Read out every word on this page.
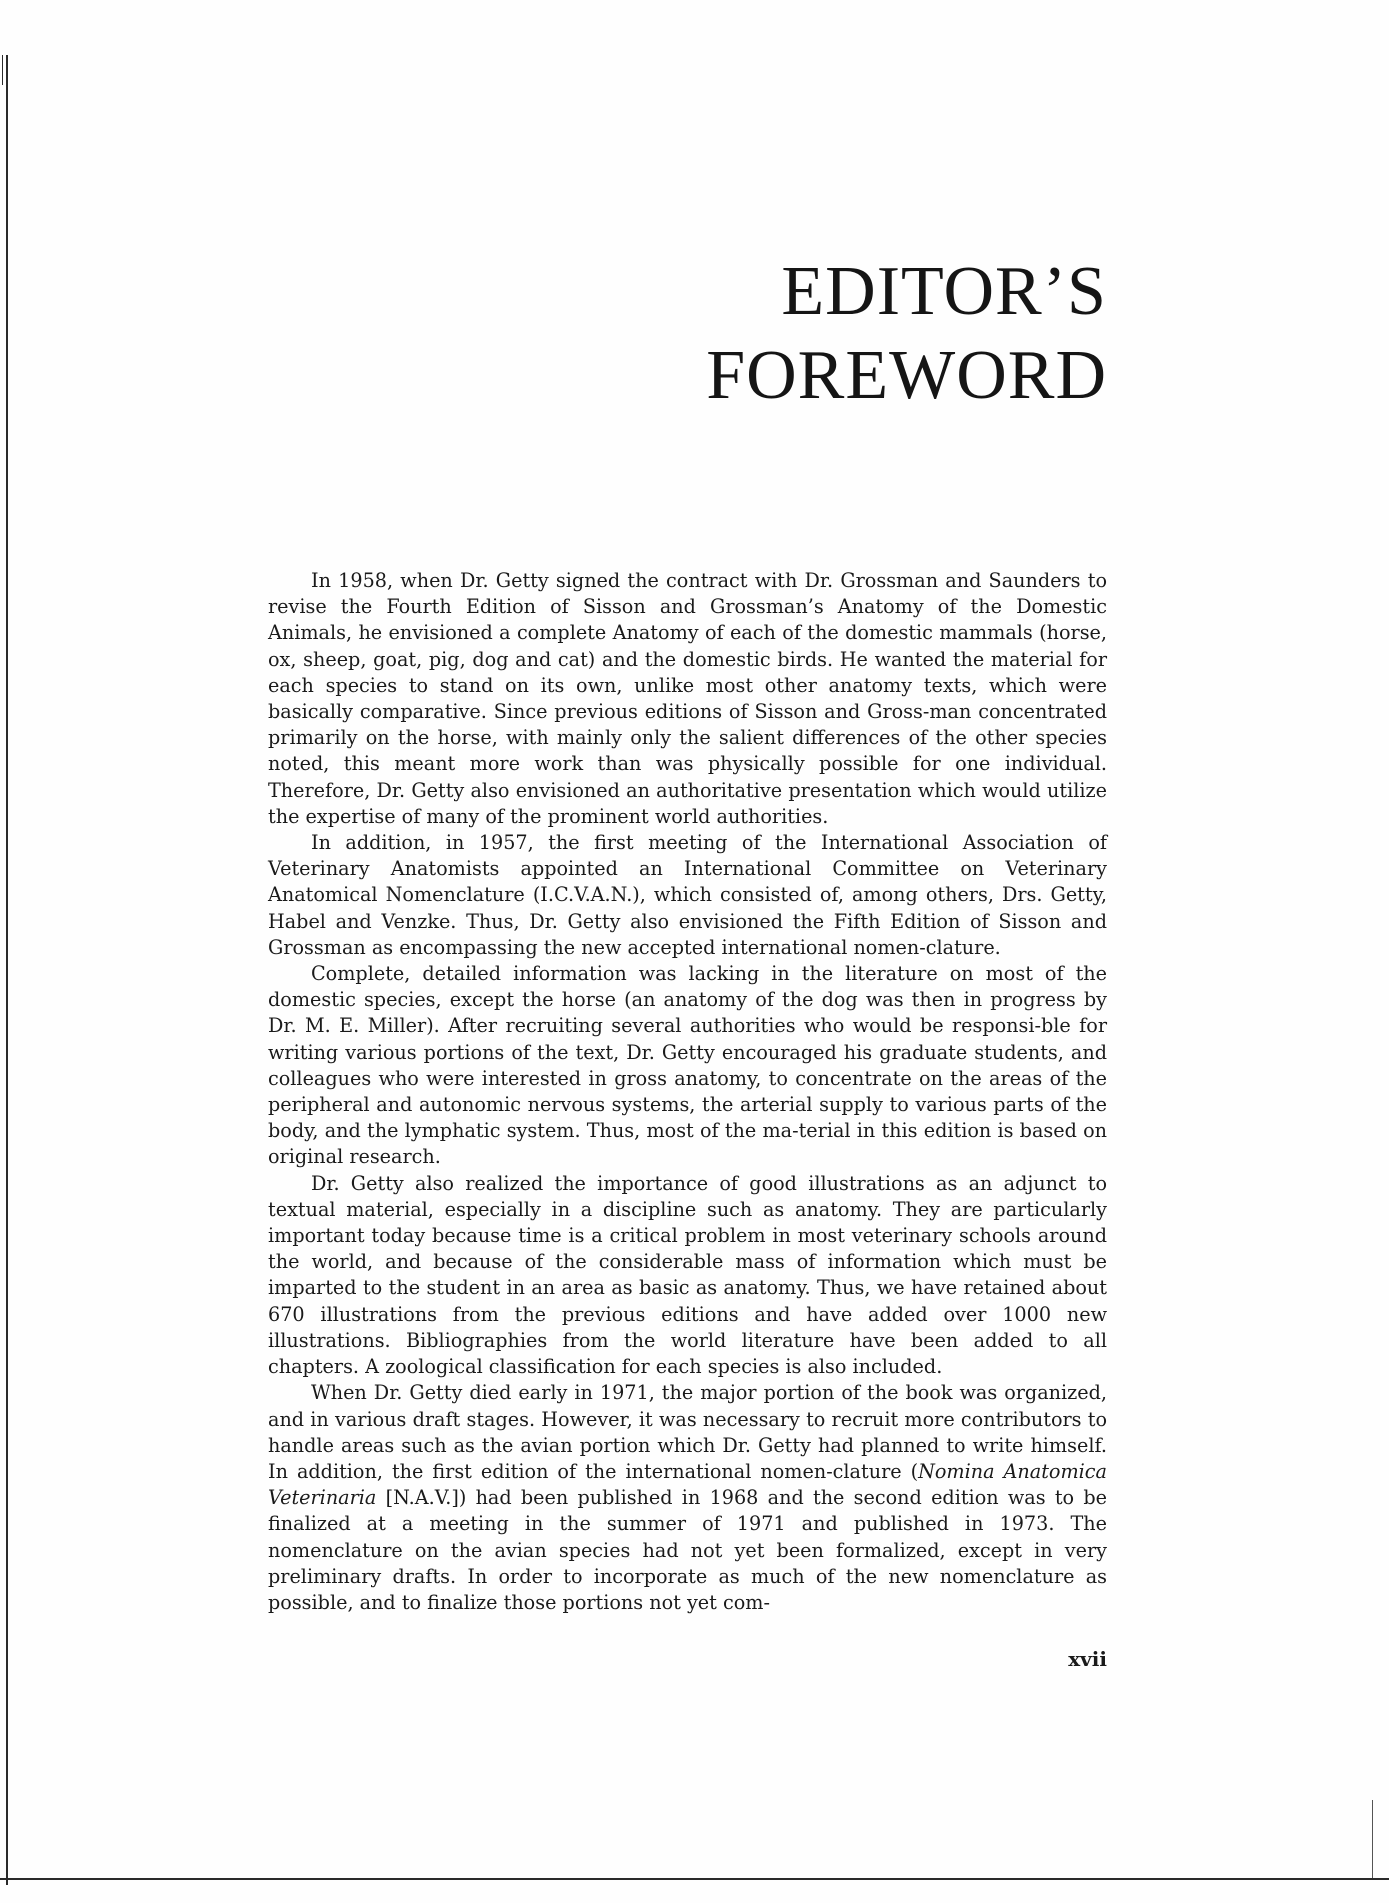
EDITOR’S
FOREWORD

In 1958, when Dr. Getty signed the contract with Dr. Grossman and Saunders to revise the Fourth Edition of Sisson and Grossman’s Anatomy of the Domestic Animals, he envisioned a complete Anatomy of each of the domestic mammals (horse, ox, sheep, goat, pig, dog and cat) and the domestic birds. He wanted the material for each species to stand on its own, unlike most other anatomy texts, which were basically comparative. Since previous editions of Sisson and Gross-man concentrated primarily on the horse, with mainly only the salient differences of the other species noted, this meant more work than was physically possible for one individual. Therefore, Dr. Getty also envisioned an authoritative presentation which would utilize the expertise of many of the prominent world authorities.

In addition, in 1957, the first meeting of the International Association of Veterinary Anatomists appointed an International Committee on Veterinary Anatomical Nomenclature (I.C.V.A.N.), which consisted of, among others, Drs. Getty, Habel and Venzke. Thus, Dr. Getty also envisioned the Fifth Edition of Sisson and Grossman as encompassing the new accepted international nomen-clature.

Complete, detailed information was lacking in the literature on most of the domestic species, except the horse (an anatomy of the dog was then in progress by Dr. M. E. Miller). After recruiting several authorities who would be responsi-ble for writing various portions of the text, Dr. Getty encouraged his graduate students, and colleagues who were interested in gross anatomy, to concentrate on the areas of the peripheral and autonomic nervous systems, the arterial supply to various parts of the body, and the lymphatic system. Thus, most of the ma-terial in this edition is based on original research.

Dr. Getty also realized the importance of good illustrations as an adjunct to textual material, especially in a discipline such as anatomy. They are particularly important today because time is a critical problem in most veterinary schools around the world, and because of the considerable mass of information which must be imparted to the student in an area as basic as anatomy. Thus, we have retained about 670 illustrations from the previous editions and have added over 1000 new illustrations. Bibliographies from the world literature have been added to all chapters. A zoological classification for each species is also included.

When Dr. Getty died early in 1971, the major portion of the book was organized, and in various draft stages. However, it was necessary to recruit more contributors to handle areas such as the avian portion which Dr. Getty had planned to write himself. In addition, the first edition of the international nomen-clature (Nomina Anatomica Veterinaria [N.A.V.]) had been published in 1968 and the second edition was to be finalized at a meeting in the summer of 1971 and published in 1973. The nomenclature on the avian species had not yet been formalized, except in very preliminary drafts. In order to incorporate as much of the new nomenclature as possible, and to finalize those portions not yet com-

xvii
